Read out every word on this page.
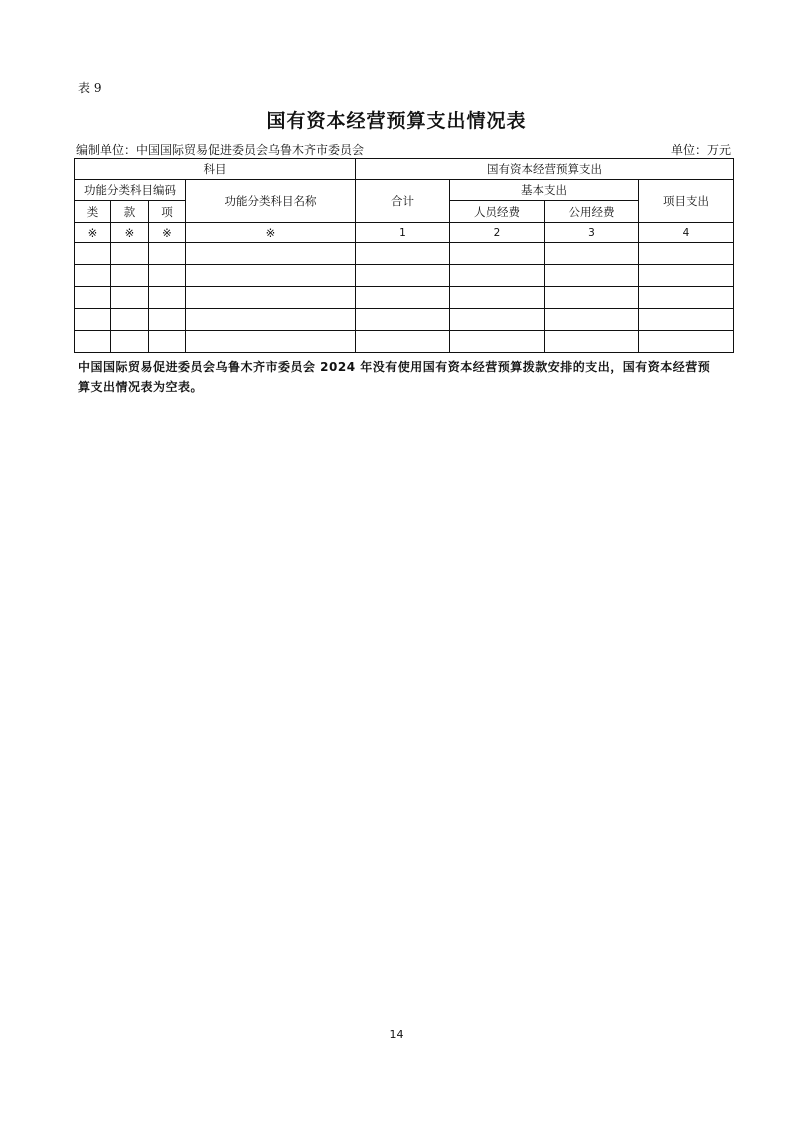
表 9
国有资本经营预算支出情况表
编制单位：中国国际贸易促进委员会乌鲁木齐市委员会	单位：万元
科目				国有资本经营预算支出			
功能分类科目编码			功能分类科目名称	合计	基本支出		项目支出
类	款	项			人员经费	公用经费	
※	※	※	※	1	2	3	4

中国国际贸易促进委员会乌鲁木齐市委员会 2024 年没有使用国有资本经营预算拨款安排的支出，国有资本经营预算支出情况表为空表。
14
